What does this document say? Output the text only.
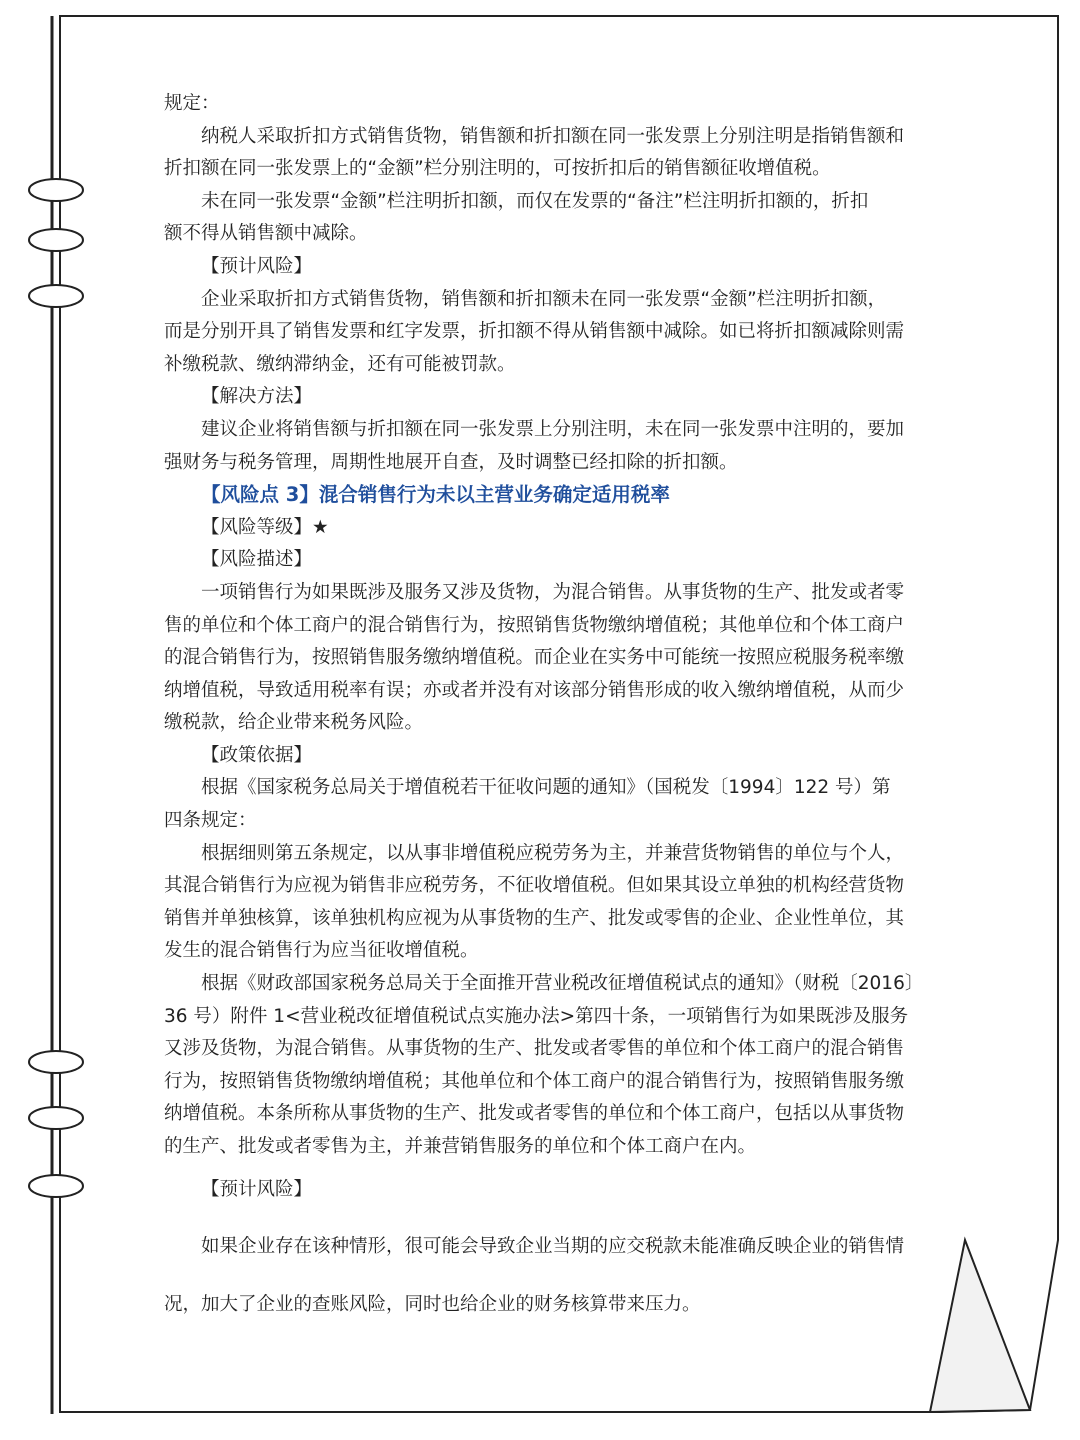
规定：

纳税人采取折扣方式销售货物，销售额和折扣额在同一张发票上分别注明是指销售额和

折扣额在同一张发票上的“金额”栏分别注明的，可按折扣后的销售额征收增值税。

未在同一张发票“金额”栏注明折扣额，而仅在发票的“备注”栏注明折扣额的，折扣

额不得从销售额中减除。

【预计风险】

企业采取折扣方式销售货物，销售额和折扣额未在同一张发票“金额”栏注明折扣额，

而是分别开具了销售发票和红字发票，折扣额不得从销售额中减除。如已将折扣额减除则需

补缴税款、缴纳滞纳金，还有可能被罚款。

【解决方法】

建议企业将销售额与折扣额在同一张发票上分别注明，未在同一张发票中注明的，要加

强财务与税务管理，周期性地展开自查，及时调整已经扣除的折扣额。

【风险点 3】混合销售行为未以主营业务确定适用税率

【风险等级】★

【风险描述】

一项销售行为如果既涉及服务又涉及货物，为混合销售。从事货物的生产、批发或者零

售的单位和个体工商户的混合销售行为，按照销售货物缴纳增值税；其他单位和个体工商户

的混合销售行为，按照销售服务缴纳增值税。而企业在实务中可能统一按照应税服务税率缴

纳增值税，导致适用税率有误；亦或者并没有对该部分销售形成的收入缴纳增值税，从而少

缴税款，给企业带来税务风险。

【政策依据】

根据《国家税务总局关于增值税若干征收问题的通知》（国税发〔1994〕122 号）第

四条规定：

根据细则第五条规定，以从事非增值税应税劳务为主，并兼营货物销售的单位与个人，

其混合销售行为应视为销售非应税劳务，不征收增值税。但如果其设立单独的机构经营货物

销售并单独核算，该单独机构应视为从事货物的生产、批发或零售的企业、企业性单位，其

发生的混合销售行为应当征收增值税。

根据《财政部国家税务总局关于全面推开营业税改征增值税试点的通知》（财税〔2016〕

36 号）附件 1<营业税改征增值税试点实施办法>第四十条，一项销售行为如果既涉及服务

又涉及货物，为混合销售。从事货物的生产、批发或者零售的单位和个体工商户的混合销售

行为，按照销售货物缴纳增值税；其他单位和个体工商户的混合销售行为，按照销售服务缴

纳增值税。本条所称从事货物的生产、批发或者零售的单位和个体工商户，包括以从事货物

的生产、批发或者零售为主，并兼营销售服务的单位和个体工商户在内。

【预计风险】

如果企业存在该种情形，很可能会导致企业当期的应交税款未能准确反映企业的销售情

况，加大了企业的查账风险，同时也给企业的财务核算带来压力。
